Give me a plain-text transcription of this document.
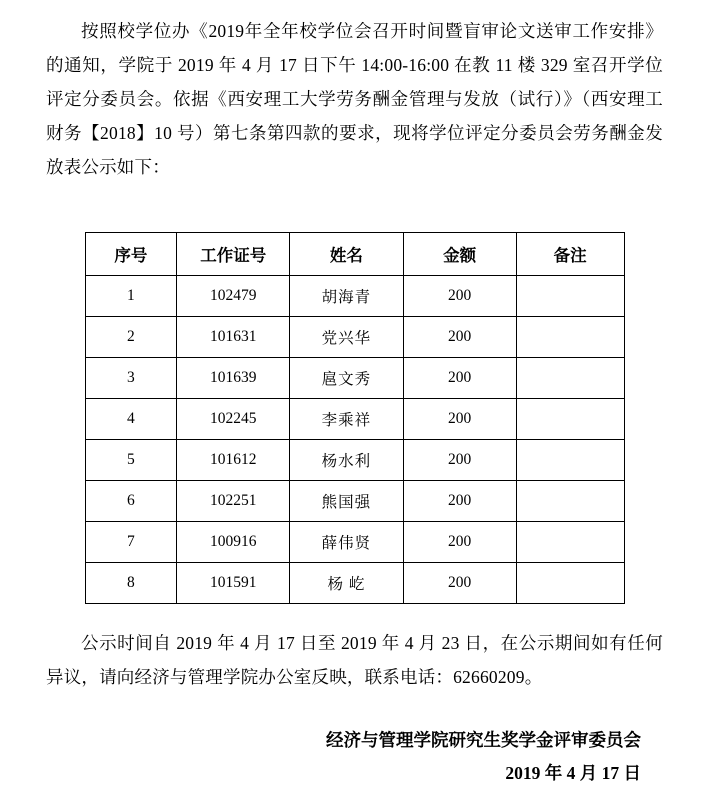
按照校学位办《2019年全年校学位会召开时间暨盲审论文送审工作安排》的通知，学院于 2019 年 4 月 17 日下午 14:00-16:00 在教 11 楼 329 室召开学位评定分委员会。依据《西安理工大学劳务酬金管理与发放（试行）》（西安理工财务【2018】10 号）第七条第四款的要求，现将学位评定分委员会劳务酬金发放表公示如下：

序号	工作证号	姓名	金额	备注
1	102479	胡海青	200	
2	101631	党兴华	200	
3	101639	扈文秀	200	
4	102245	李乘祥	200	
5	101612	杨水利	200	
6	102251	熊国强	200	
7	100916	薛伟贤	200	
8	101591	杨 屹	200	

公示时间自 2019 年 4 月 17 日至 2019 年 4 月 23 日，在公示期间如有任何异议，请向经济与管理学院办公室反映，联系电话：62660209。

经济与管理学院研究生奖学金评审委员会
2019 年 4 月 17 日
